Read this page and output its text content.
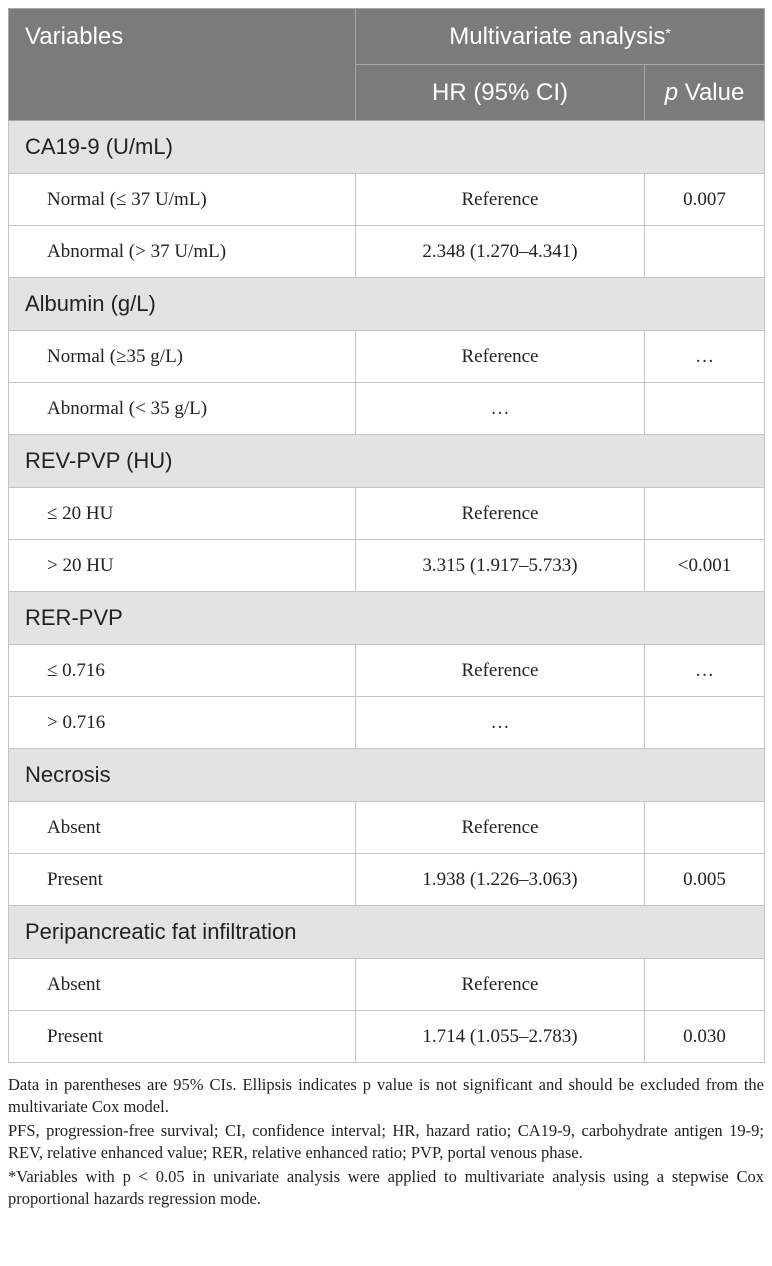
Variables	Multivariate analysis*
	HR (95% CI)	p Value
CA19-9 (U/mL)		
Normal (≤ 37 U/mL)	Reference	0.007
Abnormal (> 37 U/mL)	2.348 (1.270–4.341)	
Albumin (g/L)		
Normal (≥35 g/L)	Reference	…
Abnormal (< 35 g/L)	…	
REV-PVP (HU)		
≤ 20 HU	Reference	
> 20 HU	3.315 (1.917–5.733)	<0.001
RER-PVP		
≤ 0.716	Reference	…
> 0.716	…	
Necrosis		
Absent	Reference	
Present	1.938 (1.226–3.063)	0.005
Peripancreatic fat infiltration		
Absent	Reference	
Present	1.714 (1.055–2.783)	0.030

Data in parentheses are 95% CIs. Ellipsis indicates p value is not significant and should be excluded from the multivariate Cox model.

PFS, progression-free survival; CI, confidence interval; HR, hazard ratio; CA19-9, carbohydrate antigen 19-9; REV, relative enhanced value; RER, relative enhanced ratio; PVP, portal venous phase.

*Variables with p < 0.05 in univariate analysis were applied to multivariate analysis using a stepwise Cox proportional hazards regression mode.
